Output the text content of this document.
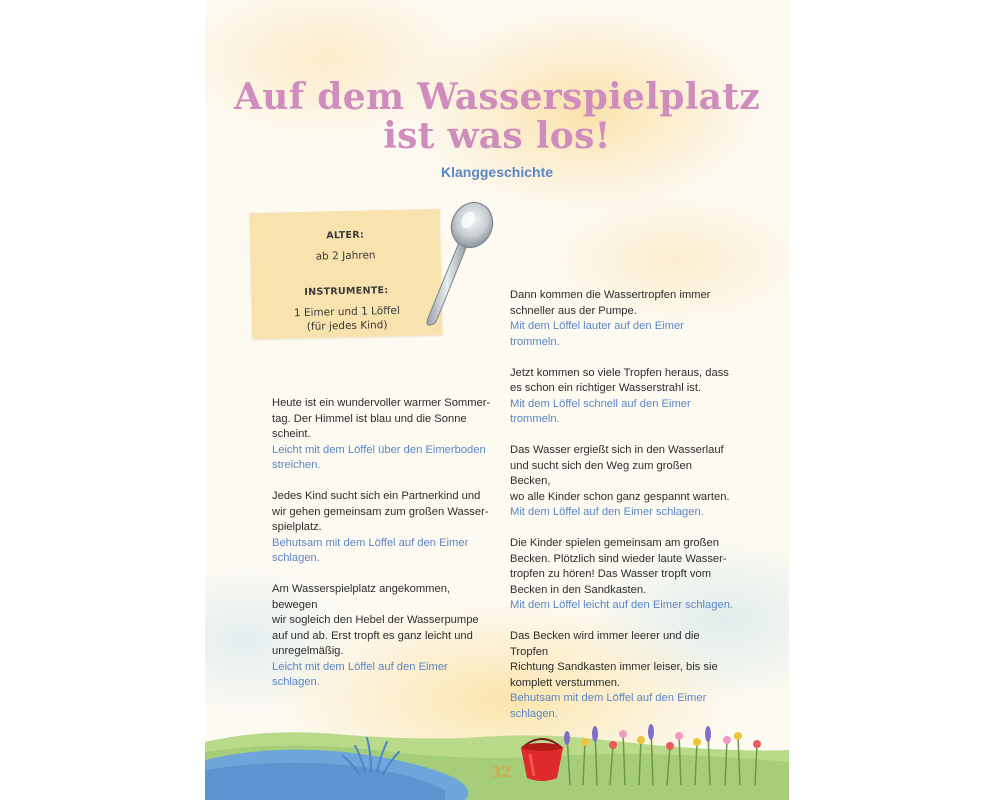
Auf dem Wasserspielplatz
ist was los!
Klanggeschichte
ALTER:
ab 2 Jahren
INSTRUMENTE:
1 Eimer und 1 Löffel
(für jedes Kind)
Heute ist ein wundervoller warmer Sommer-
tag. Der Himmel ist blau und die Sonne
scheint.
Leicht mit dem Löffel über den Eimerboden
streichen.
Jedes Kind sucht sich ein Partnerkind und
wir gehen gemeinsam zum großen Wasser-
spielplatz.
Behutsam mit dem Löffel auf den Eimer
schlagen.
Am Wasserspielplatz angekommen, bewegen
wir sogleich den Hebel der Wasserpumpe
auf und ab. Erst tropft es ganz leicht und
unregelmäßig.
Leicht mit dem Löffel auf den Eimer schlagen.
Dann kommen die Wassertropfen immer
schneller aus der Pumpe.
Mit dem Löffel lauter auf den Eimer trommeln.
Jetzt kommen so viele Tropfen heraus, dass
es schon ein richtiger Wasserstrahl ist.
Mit dem Löffel schnell auf den Eimer trommeln.
Das Wasser ergießt sich in den Wasserlauf
und sucht sich den Weg zum großen Becken,
wo alle Kinder schon ganz gespannt warten.
Mit dem Löffel auf den Eimer schlagen.
Die Kinder spielen gemeinsam am großen
Becken. Plötzlich sind wieder laute Wasser-
tropfen zu hören! Das Wasser tropft vom
Becken in den Sandkasten.
Mit dem Löffel leicht auf den Eimer schlagen.
Das Becken wird immer leerer und die Tropfen
Richtung Sandkasten immer leiser, bis sie
komplett verstummen.
Behutsam mit dem Löffel auf den Eimer
schlagen.
32
